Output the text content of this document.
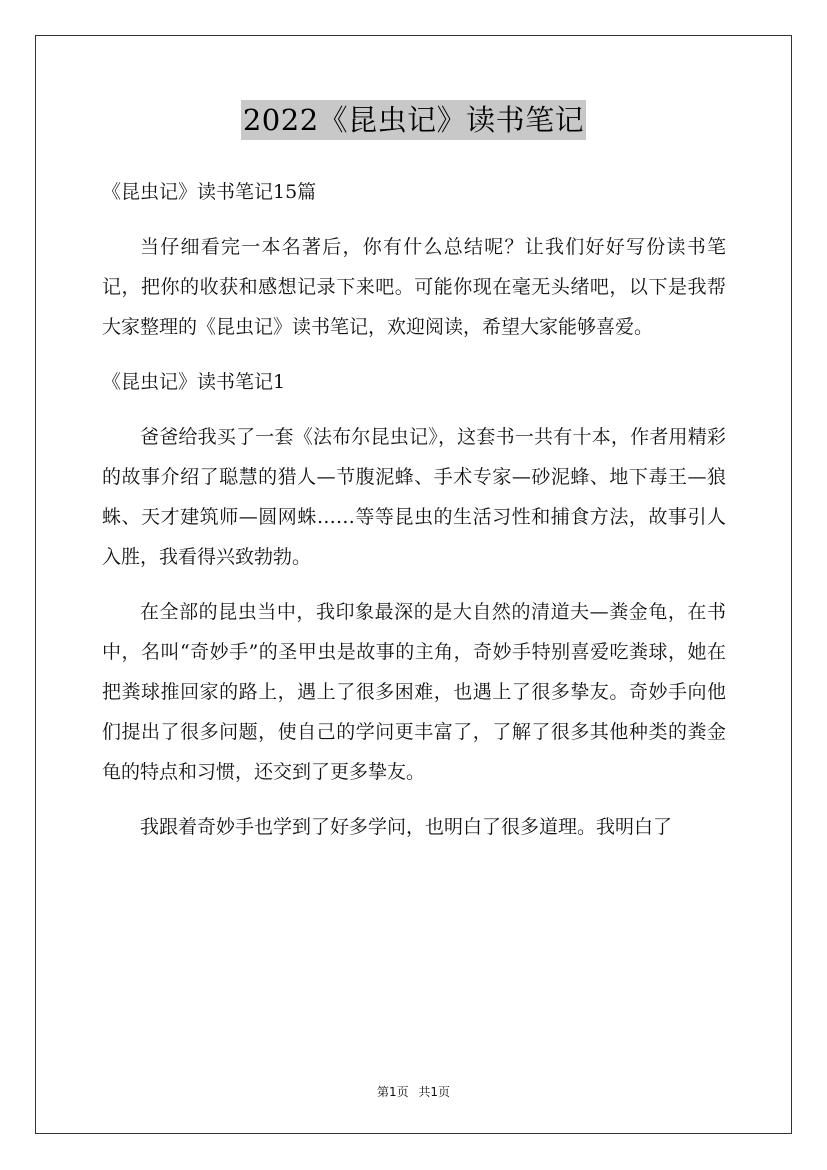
2022《昆虫记》读书笔记
《昆虫记》读书笔记15篇

当仔细看完一本名著后，你有什么总结呢？让我们好好写份读书笔记，把你的收获和感想记录下来吧。可能你现在毫无头绪吧，以下是我帮大家整理的《昆虫记》读书笔记，欢迎阅读，希望大家能够喜爱。

《昆虫记》读书笔记1

爸爸给我买了一套《法布尔昆虫记》，这套书一共有十本，作者用精彩的故事介绍了聪慧的猎人—节腹泥蜂、手术专家—砂泥蜂、地下毒王—狼蛛、天才建筑师—圆网蛛……等等昆虫的生活习性和捕食方法，故事引人入胜，我看得兴致勃勃。

在全部的昆虫当中，我印象最深的是大自然的清道夫—粪金龟，在书中，名叫“奇妙手”的圣甲虫是故事的主角，奇妙手特别喜爱吃粪球，她在把粪球推回家的路上，遇上了很多困难，也遇上了很多挚友。奇妙手向他们提出了很多问题，使自己的学问更丰富了，了解了很多其他种类的粪金龟的特点和习惯，还交到了更多挚友。

我跟着奇妙手也学到了好多学问，也明白了很多道理。我明白了

第1页 共1页
